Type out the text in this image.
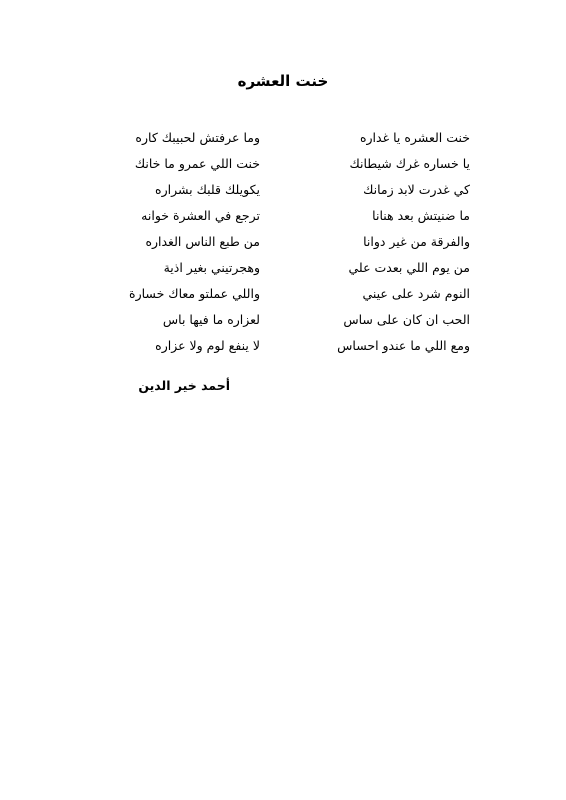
خنت العشره
خنت العشره يا غداره
وما عرفتش لحبيبك كاره
يا خساره غرك شيطانك
خنت اللي عمرو ما خانك
كي غدرت لابد زمانك
يكويلك قلبك بشراره
ما ضنيتش بعد هنانا
ترجع في العشرة خوانه
والفرقة من غير دوانا
من طبع الناس الغداره
من يوم اللي بعدت علي
وهجرتيني بغير اذية
النوم شرد على عيني
واللي عملتو معاك خسارة
الحب ان كان على ساس
لعزاره ما فيها باس
ومع اللي ما عندو احساس
لا ينفع لوم ولا عزاره
أحمد خير الدين
